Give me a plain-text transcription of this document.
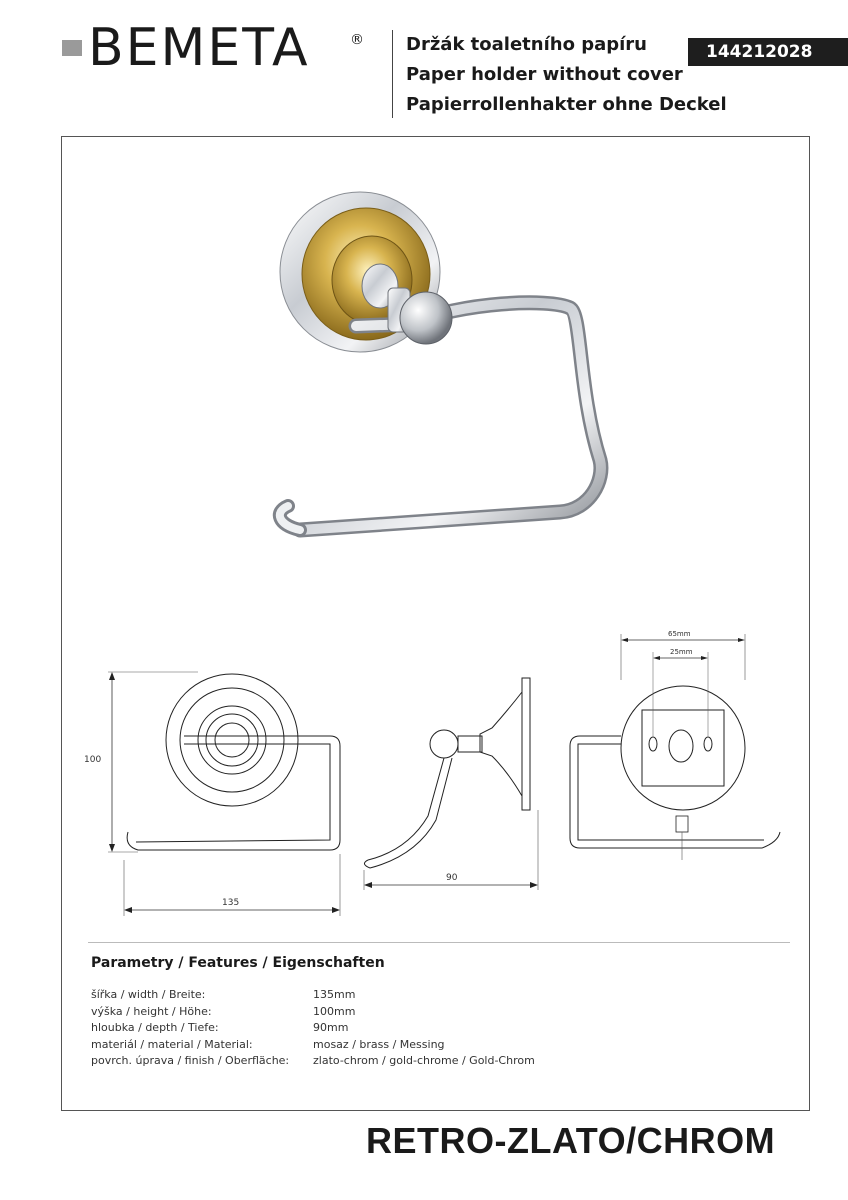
BEMETA	® Držák toaletního papíru
Paper holder without cover
Papierrollenhakter ohne Deckel
144212028
100
135
90
65mm
25mm
Parametry / Features / Eigenschaften
šířka / width / Breite:	135mm
výška / height / Höhe:	100mm
hloubka / depth / Tiefe:	90mm
materiál / material / Material:	mosaz / brass / Messing
povrch. úprava / finish / Oberfläche: zlato-chrom / gold-chrome / Gold-Chrom
RETRO-ZLATO/CHROM
